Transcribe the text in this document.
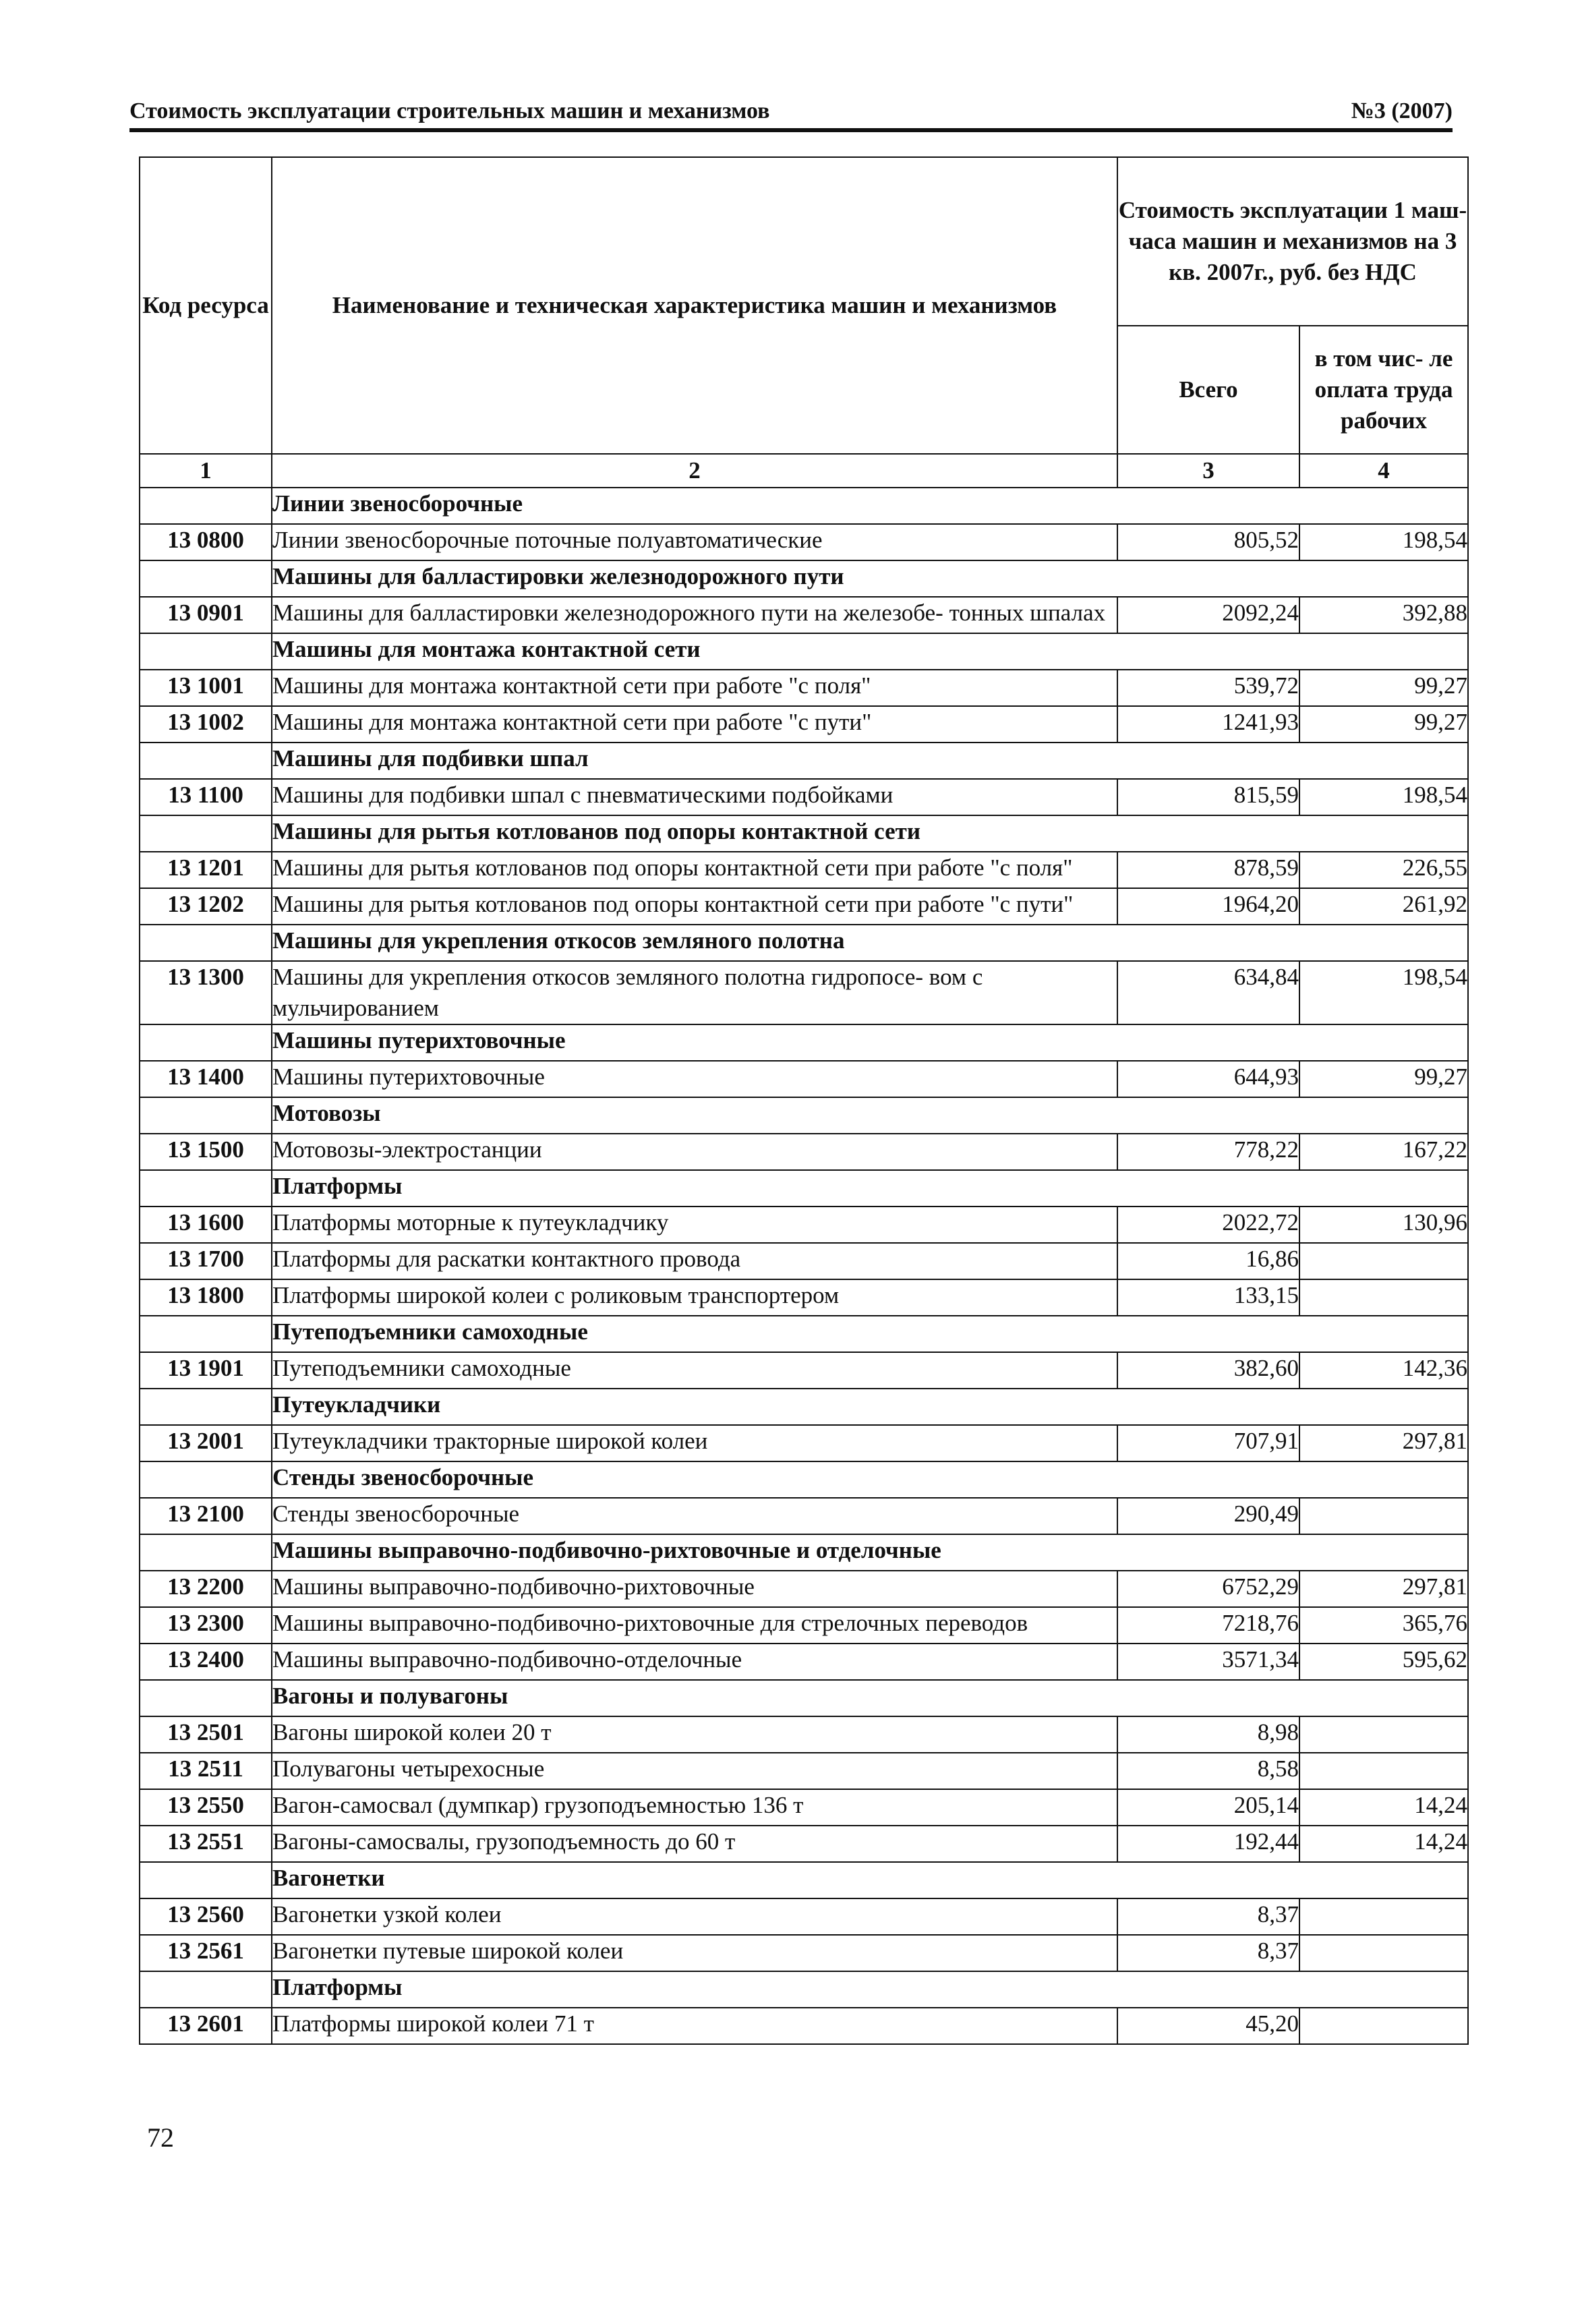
Стоимость эксплуатации строительных машин и механизмов	№3 (2007)
Код ресурса	Наименование и техническая характеристика машин и механизмов	Стоимость эксплуатации 1 маш-часа машин и механизмов на 3 кв. 2007г., руб. без НДС	
		Всего	в том чис- ле оплата труда рабочих
1	2	3	4
	Линии звеносборочные		
13 0800	Линии звеносборочные поточные полуавтоматические	805,52	198,54
	Машины для балластировки железнодорожного пути		
13 0901	Машины для балластировки железнодорожного пути на железобе- тонных шпалах	2092,24	392,88
	Машины для монтажа контактной сети		
13 1001	Машины для монтажа контактной сети при работе "с поля"	539,72	99,27
13 1002	Машины для монтажа контактной сети при работе "с пути"	1241,93	99,27
	Машины для подбивки шпал		
13 1100	Машины для подбивки шпал с пневматическими подбойками	815,59	198,54
	Машины для рытья котлованов под опоры контактной сети		
13 1201	Машины для рытья котлованов под опоры контактной сети при работе "с поля"	878,59	226,55
13 1202	Машины для рытья котлованов под опоры контактной сети при работе "с пути"	1964,20	261,92
	Машины для укрепления откосов земляного полотна		
13 1300	Машины для укрепления откосов земляного полотна гидропосе- вом с мульчированием	634,84	198,54
	Машины путерихтовочные		
13 1400	Машины путерихтовочные	644,93	99,27
	Мотовозы		
13 1500	Мотовозы-электростанции	778,22	167,22
	Платформы		
13 1600	Платформы моторные к путеукладчику	2022,72	130,96
13 1700	Платформы для раскатки контактного провода	16,86	
13 1800	Платформы широкой колеи с роликовым транспортером	133,15	
	Путеподъемники самоходные		
13 1901	Путеподъемники самоходные	382,60	142,36
	Путеукладчики		
13 2001	Путеукладчики тракторные широкой колеи	707,91	297,81
	Стенды звеносборочные		
13 2100	Стенды звеносборочные	290,49	
	Машины выправочно-подбивочно-рихтовочные и отделочные		
13 2200	Машины выправочно-подбивочно-рихтовочные	6752,29	297,81
13 2300	Машины выправочно-подбивочно-рихтовочные для стрелочных переводов	7218,76	365,76
13 2400	Машины выправочно-подбивочно-отделочные	3571,34	595,62
	Вагоны и полувагоны		
13 2501	Вагоны широкой колеи 20 т	8,98	
13 2511	Полувагоны четырехосные	8,58	
13 2550	Вагон-самосвал (думпкар) грузоподъемностью 136 т	205,14	14,24
13 2551	Вагоны-самосвалы, грузоподъемность до 60 т	192,44	14,24
	Вагонетки		
13 2560	Вагонетки узкой колеи	8,37	
13 2561	Вагонетки путевые широкой колеи	8,37	
	Платформы		
13 2601	Платформы широкой колеи 71 т	45,20	
72
